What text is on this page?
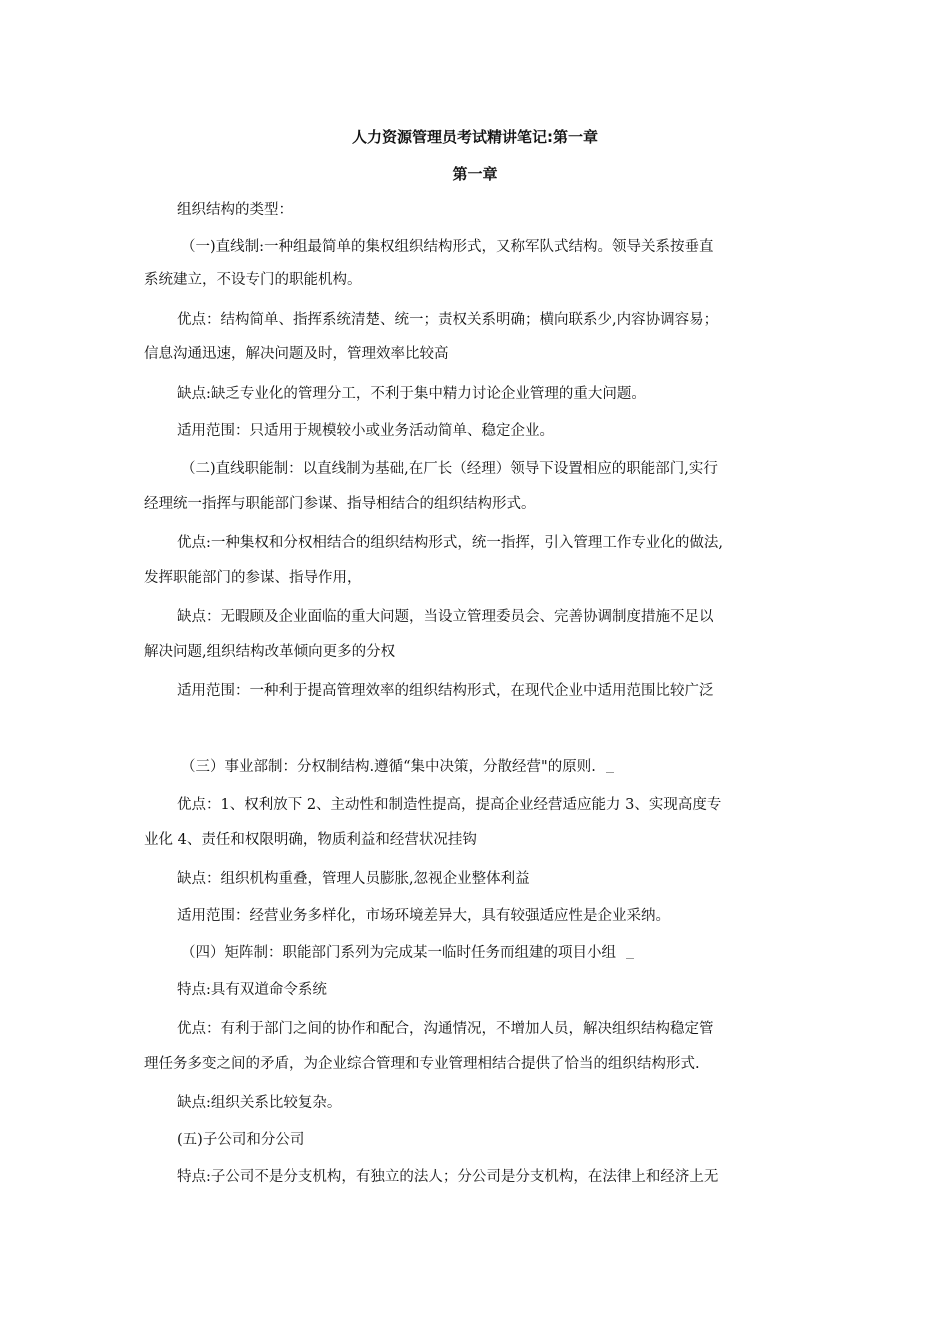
人力资源管理员考试精讲笔记:第一章
第一章
组织结构的类型：
（一)直线制:一种组最简单的集权组织结构形式，又称军队式结构。领导关系按垂直
系统建立，不设专门的职能机构。
优点：结构简单、指挥系统清楚、统一；责权关系明确；横向联系少,内容协调容易；
信息沟通迅速，解决问题及时，管理效率比较高
缺点:缺乏专业化的管理分工，不利于集中精力讨论企业管理的重大问题。
适用范围：只适用于规模较小或业务活动简单、稳定企业。
（二)直线职能制：以直线制为基础,在厂长（经理）领导下设置相应的职能部门,实行
经理统一指挥与职能部门参谋、指导相结合的组织结构形式。
优点:一种集权和分权相结合的组织结构形式，统一指挥，引入管理工作专业化的做法,
发挥职能部门的参谋、指导作用，
缺点：无暇顾及企业面临的重大问题，当设立管理委员会、完善协调制度措施不足以
解决问题,组织结构改革倾向更多的分权
适用范围：一种利于提高管理效率的组织结构形式，在现代企业中适用范围比较广泛
（三）事业部制：分权制结构.遵循“集中决策，分散经营"的原则.
优点：1、权利放下 2、主动性和制造性提高，提高企业经营适应能力 3、实现高度专
业化 4、责任和权限明确，物质利益和经营状况挂钩
缺点：组织机构重叠，管理人员膨胀,忽视企业整体利益
适用范围：经营业务多样化，市场环境差异大，具有较强适应性是企业采纳。
（四）矩阵制：职能部门系列为完成某一临时任务而组建的项目小组
特点:具有双道命令系统
优点：有利于部门之间的协作和配合，沟通情况，不增加人员，解决组织结构稳定管
理任务多变之间的矛盾，为企业综合管理和专业管理相结合提供了恰当的组织结构形式.
缺点:组织关系比较复杂。
(五)子公司和分公司
特点:子公司不是分支机构，有独立的法人；分公司是分支机构，在法律上和经济上无
